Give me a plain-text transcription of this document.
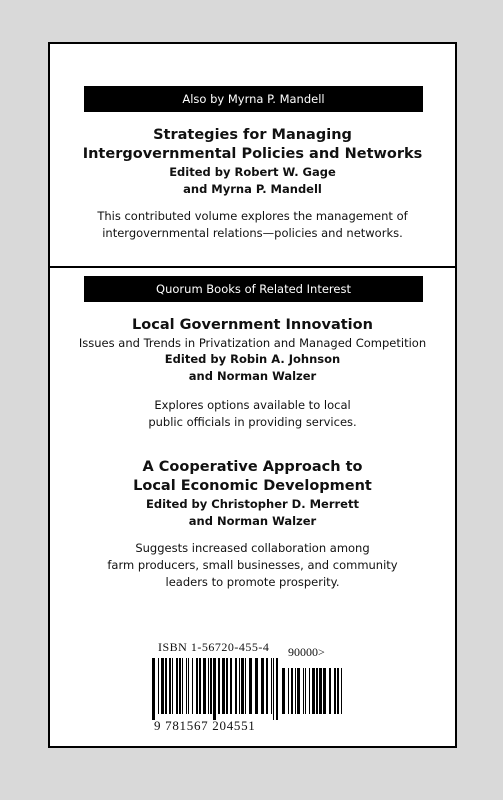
Also by Myrna P. Mandell
Strategies for Managing
Intergovernmental Policies and Networks
Edited by Robert W. Gage
and Myrna P. Mandell
This contributed volume explores the management of
intergovernmental relations—policies and networks.
Quorum Books of Related Interest
Local Government Innovation
Issues and Trends in Privatization and Managed Competition
Edited by Robin A. Johnson
and Norman Walzer
Explores options available to local
public officials in providing services.
A Cooperative Approach to
Local Economic Development
Edited by Christopher D. Merrett
and Norman Walzer
Suggests increased collaboration among
farm producers, small businesses, and community
leaders to promote prosperity.
ISBN 1-56720-455-4 90000>
9 781567 204551
